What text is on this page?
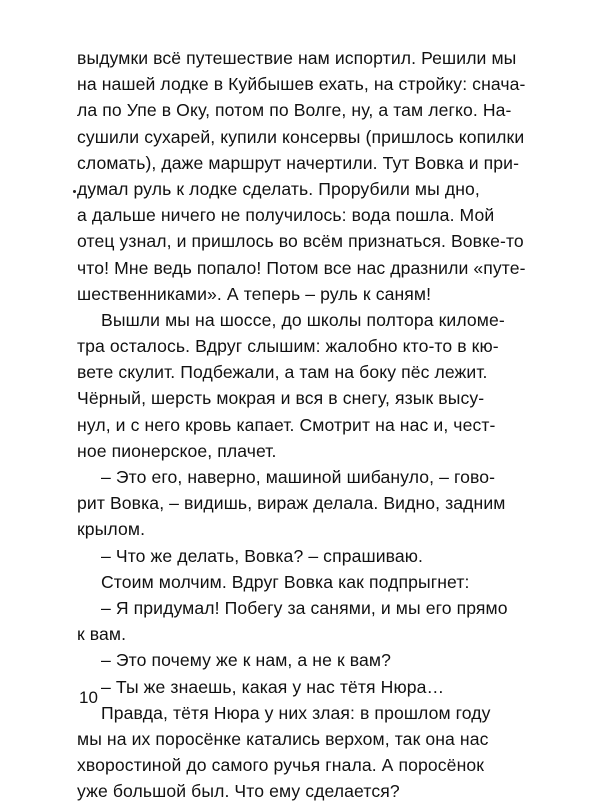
выдумки всё путешествие нам испортил. Решили мы
на нашей лодке в Куйбышев ехать, на стройку: снача-
ла по Упе в Оку, потом по Волге, ну, а там легко. На-
сушили сухарей, купили консервы (пришлось копилки
сломать), даже маршрут начертили. Тут Вовка и при-
думал руль к лодке сделать. Прорубили мы дно,
а дальше ничего не получилось: вода пошла. Мой
отец узнал, и пришлось во всём признаться. Вовке-то
что! Мне ведь попало! Потом все нас дразнили «путе-
шественниками». А теперь – руль к саням!
Вышли мы на шоссе, до школы полтора киломе-
тра осталось. Вдруг слышим: жалобно кто-то в кю-
вете скулит. Подбежали, а там на боку пёс лежит.
Чёрный, шерсть мокрая и вся в снегу, язык высу-
нул, и с него кровь капает. Смотрит на нас и, чест-
ное пионерское, плачет.
– Это его, наверно, машиной шибануло, – гово-
рит Вовка, – видишь, вираж делала. Видно, задним
крылом.
– Что же делать, Вовка? – спрашиваю.
Стоим молчим. Вдруг Вовка как подпрыгнет:
– Я придумал! Побегу за санями, и мы его прямо
к вам.
– Это почему же к нам, а не к вам?
– Ты же знаешь, какая у нас тётя Нюра…
Правда, тётя Нюра у них злая: в прошлом году
мы на их поросёнке катались верхом, так она нас
хворостиной до самого ручья гнала. А поросёнок
уже большой был. Что ему сделается?
10
